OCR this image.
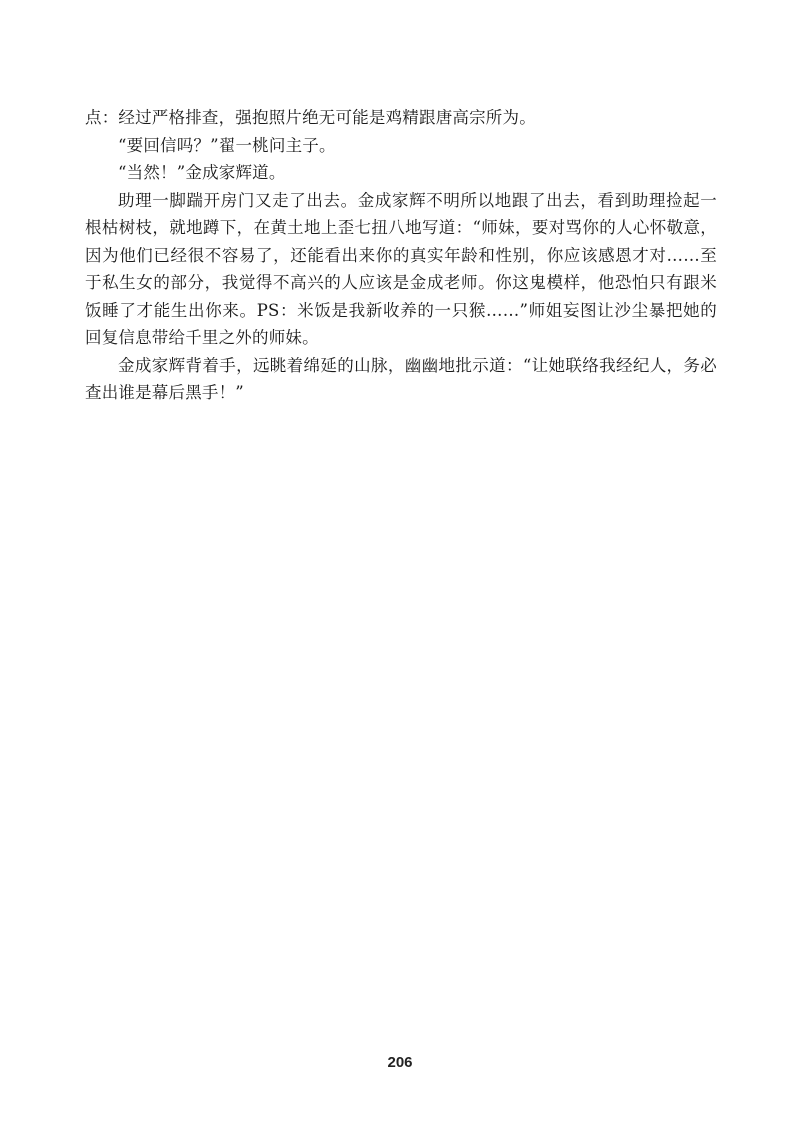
点：经过严格排查，强抱照片绝无可能是鸡精跟唐高宗所为。

“要回信吗？”翟一桃问主子。

“当然！”金成家辉道。

助理一脚踹开房门又走了出去。金成家辉不明所以地跟了出去，看到助理捡起一根枯树枝，就地蹲下，在黄土地上歪七扭八地写道：“师妹，要对骂你的人心怀敬意，因为他们已经很不容易了，还能看出来你的真实年龄和性别，你应该感恩才对……至于私生女的部分，我觉得不高兴的人应该是金成老师。你这鬼模样，他恐怕只有跟米饭睡了才能生出你来。PS：米饭是我新收养的一只猴……”师姐妄图让沙尘暴把她的回复信息带给千里之外的师妹。

金成家辉背着手，远眺着绵延的山脉，幽幽地批示道：“让她联络我经纪人，务必查出谁是幕后黑手！”

206
